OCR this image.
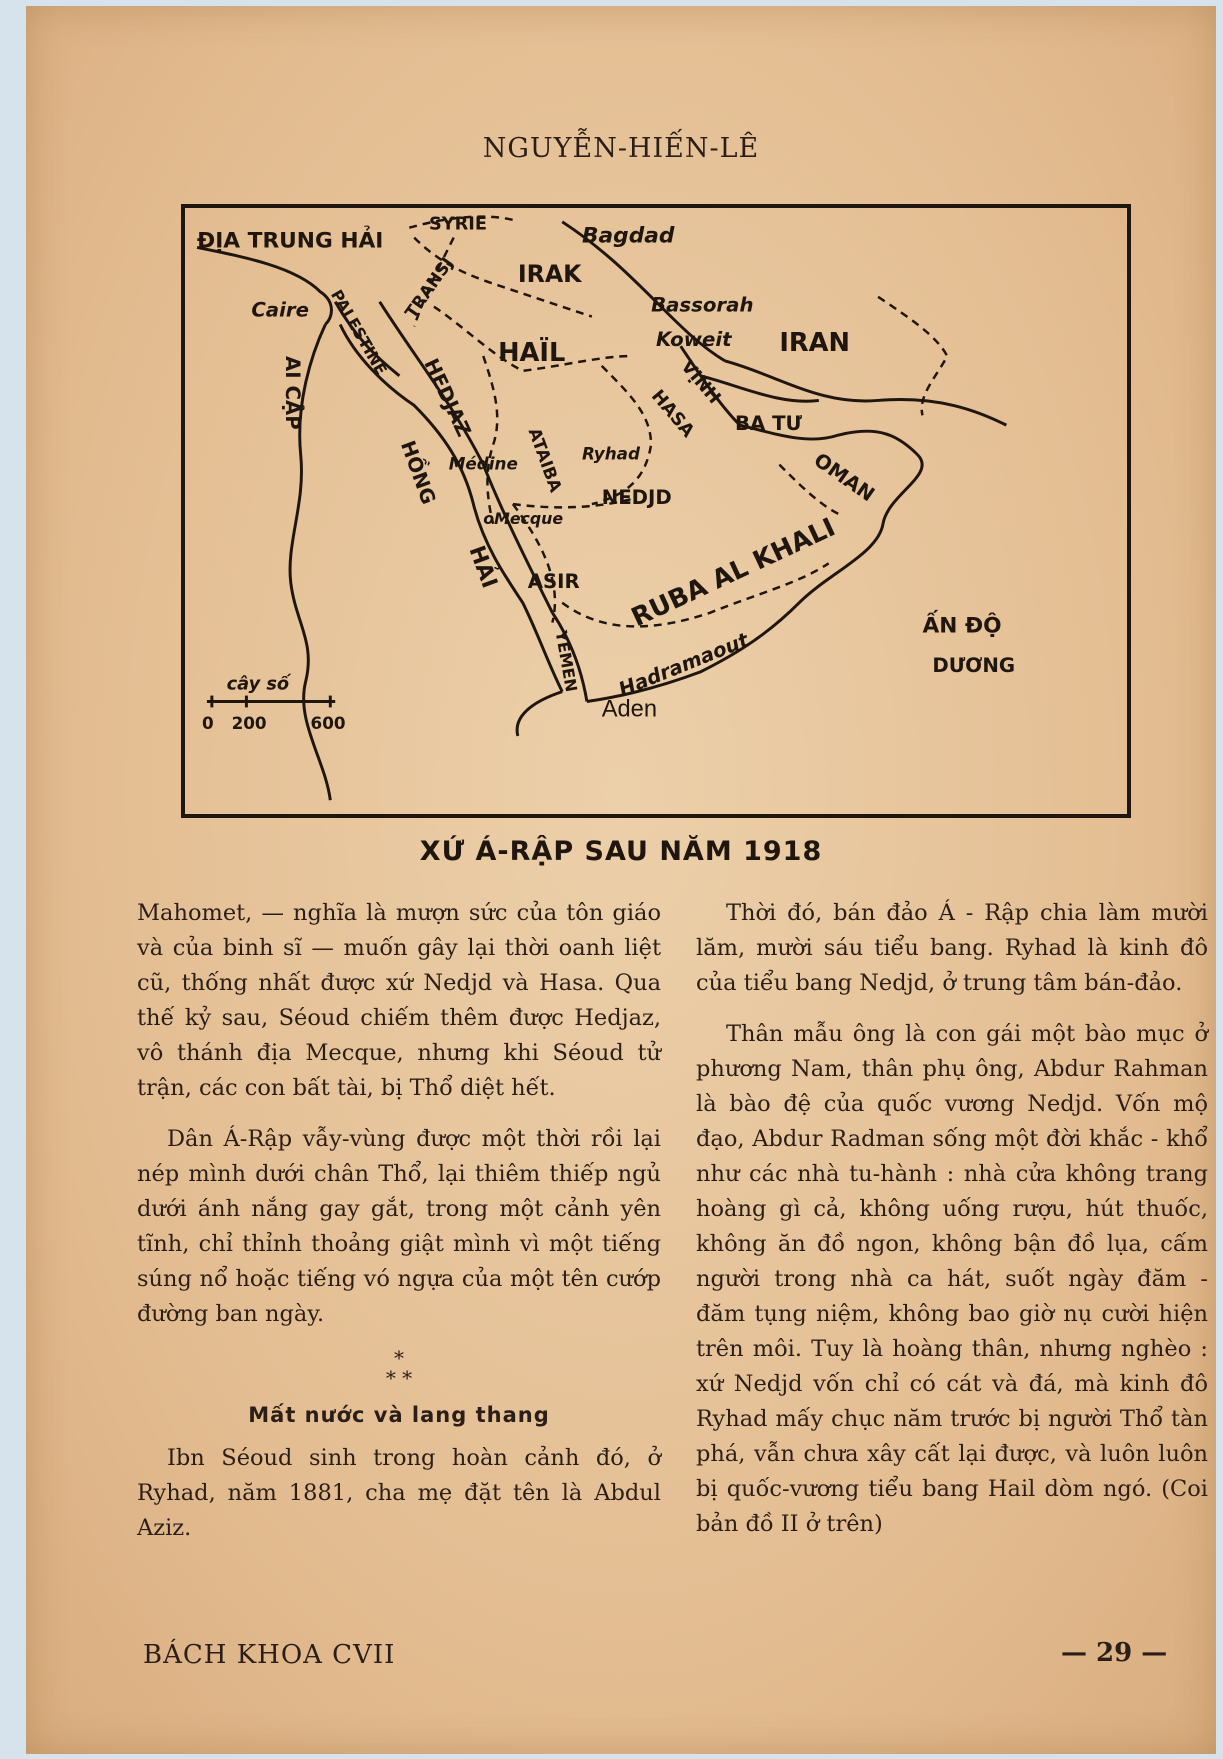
NGUYỄN-HIẾN-LÊ
ĐỊA TRUNG HẢI
SYRIE	Bagdad
IRAK
PALESTINE TRANSJ
Caire	Bassorah
Koweit IRAN
HAÏL
VỊNH
HASA BA TƯ
AI CẬP	HEDJAZ
HỒNG Médine ATAIBA Ryhad
NEDJD	OMAN
oMecque RUBA AL KHALI
HẢI ASIR
YEMEN Hadramaout
ẤN ĐỘ
DƯƠNG
Aden
cây số
0 200	600
XỨ Á-RẬP SAU NĂM 1918

Mahomet, — nghĩa là mượn sức của tôn giáo và của binh sĩ — muốn gây lại thời oanh liệt cũ, thống nhất được xứ Nedjd và Hasa. Qua thế kỷ sau, Séoud chiếm thêm được Hedjaz, vô thánh địa Mecque, nhưng khi Séoud tử trận, các con bất tài, bị Thổ diệt hết.

Dân Á-Rập vẫy-vùng được một thời rồi lại nép mình dưới chân Thổ, lại thiêm thiếp ngủ dưới ánh nắng gay gắt, trong một cảnh yên tĩnh, chỉ thỉnh thoảng giật mình vì một tiếng súng nổ hoặc tiếng vó ngựa của một tên cướp đường ban ngày.

*
* *
Mất nước và lang thang

Ibn Séoud sinh trong hoàn cảnh đó, ở Ryhad, năm 1881, cha mẹ đặt tên là Abdul Aziz.

Thời đó, bán đảo Á - Rập chia làm mười lăm, mười sáu tiểu bang. Ryhad là kinh đô của tiểu bang Nedjd, ở trung tâm bán-đảo.

Thân mẫu ông là con gái một bào mục ở phương Nam, thân phụ ông, Abdur Rahman là bào đệ của quốc vương Nedjd. Vốn mộ đạo, Abdur Radman sống một đời khắc - khổ như các nhà tu-hành : nhà cửa không trang hoàng gì cả, không uống rượu, hút thuốc, không ăn đồ ngon, không bận đồ lụa, cấm người trong nhà ca hát, suốt ngày đăm - đăm tụng niệm, không bao giờ nụ cười hiện trên môi. Tuy là hoàng thân, nhưng nghèo : xứ Nedjd vốn chỉ có cát và đá, mà kinh đô Ryhad mấy chục năm trước bị người Thổ tàn phá, vẫn chưa xây cất lại được, và luôn luôn bị quốc-vương tiểu bang Hail dòm ngó. (Coi bản đồ II ở trên)

BÁCH KHOA CVII	— 29 —
